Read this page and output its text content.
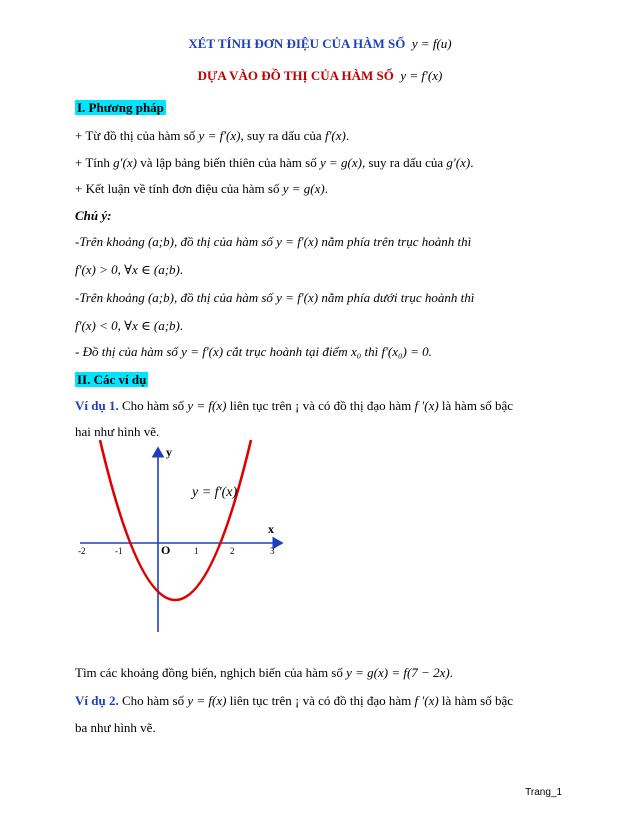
XÉT TÍNH ĐƠN ĐIỆU CỦA HÀM SỐ y = f(u)
DỰA VÀO ĐỒ THỊ CỦA HÀM SỐ y = f′(x)
I. Phương pháp
+ Từ đồ thị của hàm số y = f′(x), suy ra dấu của f′(x).
+ Tính g′(x) và lập bảng biến thiên của hàm số y = g(x), suy ra dấu của g′(x).
+ Kết luận về tính đơn điệu của hàm số y = g(x).
Chú ý:
-Trên khoảng (a;b), đồ thị của hàm số y = f′(x) nằm phía trên trục hoành thì
f′(x) > 0, ∀x ∈ (a;b).
-Trên khoảng (a;b), đồ thị của hàm số y = f′(x) nằm phía dưới trục hoành thì
f′(x) < 0, ∀x ∈ (a;b).
- Đồ thị của hàm số y = f′(x) cắt trục hoành tại điểm x₀ thì f′(x₀) = 0.
II. Các ví dụ
Ví dụ 1. Cho hàm số y = f(x) liên tục trên ¡ và có đồ thị đạo hàm f ′(x) là hàm số bậc
hai như hình vẽ.
y
x
y = f′(x)
O
-2	-1	1	2	3
Tìm các khoảng đồng biến, nghịch biến của hàm số y = g(x) = f(7 − 2x).
Ví dụ 2. Cho hàm số y = f(x) liên tục trên ¡ và có đồ thị đạo hàm f ′(x) là hàm số bậc
ba như hình vẽ.
Trang_1
